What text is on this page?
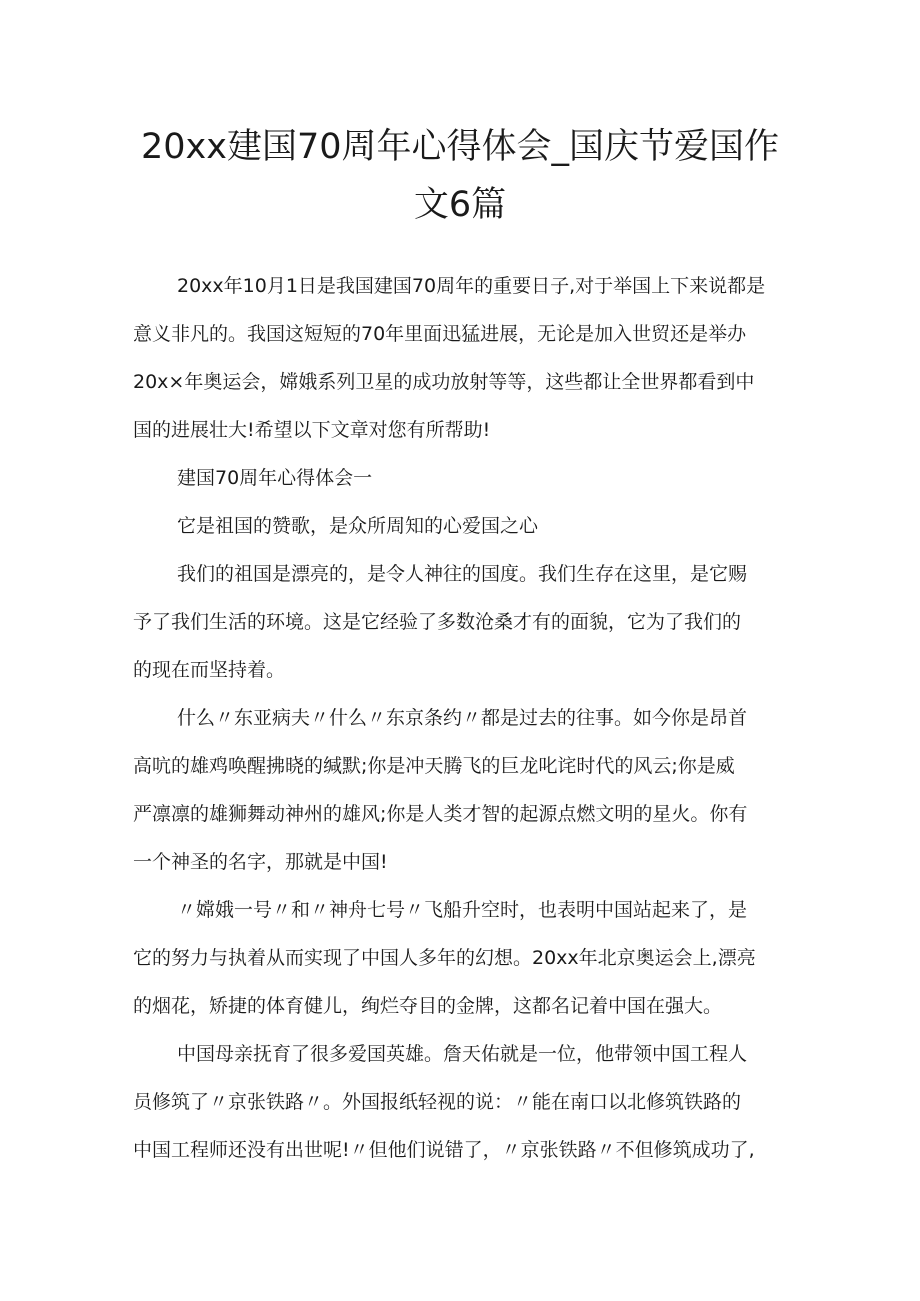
20xx建国70周年心得体会_国庆节爱国作
文6篇
20xx年10月1日是我国建国70周年的重要日子,对于举国上下来说都是
意义非凡的。我国这短短的70年里面迅猛进展，无论是加入世贸还是举办
20x×年奥运会，嫦娥系列卫星的成功放射等等，这些都让全世界都看到中
国的进展壮大!希望以下文章对您有所帮助!
建国70周年心得体会一
它是祖国的赞歌，是众所周知的心爱国之心
我们的祖国是漂亮的，是令人神往的国度。我们生存在这里，是它赐
予了我们生活的环境。这是它经验了多数沧桑才有的面貌，它为了我们的
的现在而坚持着。
什么〃东亚病夫〃什么〃东京条约〃都是过去的往事。如今你是昂首
高吭的雄鸡唤醒拂晓的缄默;你是冲天腾飞的巨龙叱诧时代的风云;你是威
严凛凛的雄狮舞动神州的雄风;你是人类才智的起源点燃文明的星火。你有
一个神圣的名字，那就是中国!
〃嫦娥一号〃和〃神舟七号〃飞船升空时，也表明中国站起来了，是
它的努力与执着从而实现了中国人多年的幻想。20xx年北京奥运会上,漂亮
的烟花，矫捷的体育健儿，绚烂夺目的金牌，这都名记着中国在强大。
中国母亲抚育了很多爱国英雄。詹天佑就是一位，他带领中国工程人
员修筑了〃京张铁路〃。外国报纸轻视的说：〃能在南口以北修筑铁路的
中国工程师还没有出世呢!〃但他们说错了，〃京张铁路〃不但修筑成功了,
